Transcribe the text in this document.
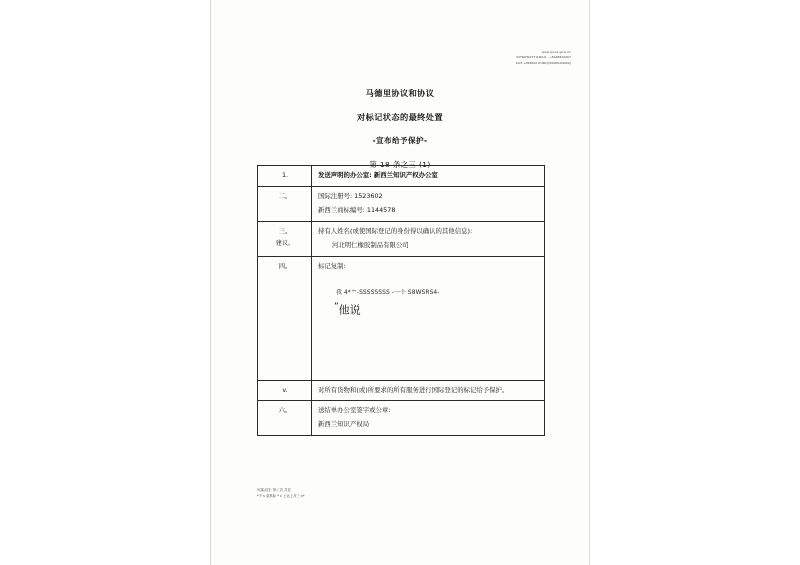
www.iponz.govt.nz
INTERNATT EMAIL , +6448822607
FAX:+359842 POBO(X60864/9092)
马德里协议和协议
对标记状态的最终处置
-宣布给予保护-
第 18 条之三 (1)
1.	发送声明的办公室: 新西兰知识产权办公室

二。	国际注册号: 1523602
新西兰商标编号: 1144578

三。
建议。	持有人姓名(或使国际登记的身份得以确认的其他信息):
河北明仁橡胶制品有限公司

四。	标记复制:
我 4*™-SSSSSSSS -一个 S8WSRS4-
”他说

v.	对所有货物和(或)所要求的所有服务进行国际登记的标记给予保护。

六。	送结单办公室签字或公章:
新西兰知识产权局
句属点技: 第 / 页 共页
*不 s 莫系际 * c 上运上对三 s*
